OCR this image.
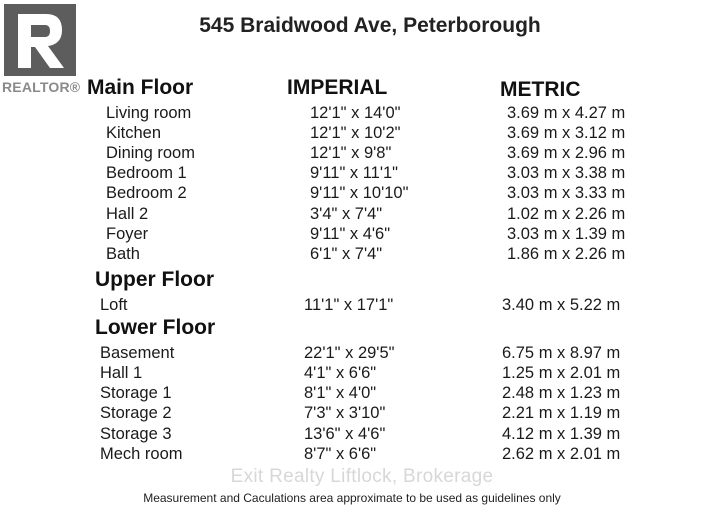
REALTOR®
545 Braidwood Ave, Peterborough
IMPERIAL	METRIC
Main Floor
Living room	12'1" x 14'0"	3.69 m x 4.27 m
Kitchen	12'1" x 10'2"	3.69 m x 3.12 m
Dining room	12'1" x 9'8"	3.69 m x 2.96 m
Bedroom 1	9'11" x 11'1"	3.03 m x 3.38 m
Bedroom 2	9'11" x 10'10"	3.03 m x 3.33 m
Hall 2	3'4" x 7'4"	1.02 m x 2.26 m
Foyer	9'11" x 4'6"	3.03 m x 1.39 m
Bath	6'1" x 7'4"	1.86 m x 2.26 m
Upper Floor
Loft	11'1" x 17'1"	3.40 m x 5.22 m
Lower Floor
Basement	22'1" x 29'5"	6.75 m x 8.97 m
Hall 1	4'1" x 6'6"	1.25 m x 2.01 m
Storage 1	8'1" x 4'0"	2.48 m x 1.23 m
Storage 2	7'3" x 3'10"	2.21 m x 1.19 m
Storage 3	13'6" x 4'6"	4.12 m x 1.39 m
Mech room	8'7" x 6'6"	2.62 m x 2.01 m
Exit Realty Liftlock, Brokerage
Measurement and Caculations area approximate to be used as guidelines only
